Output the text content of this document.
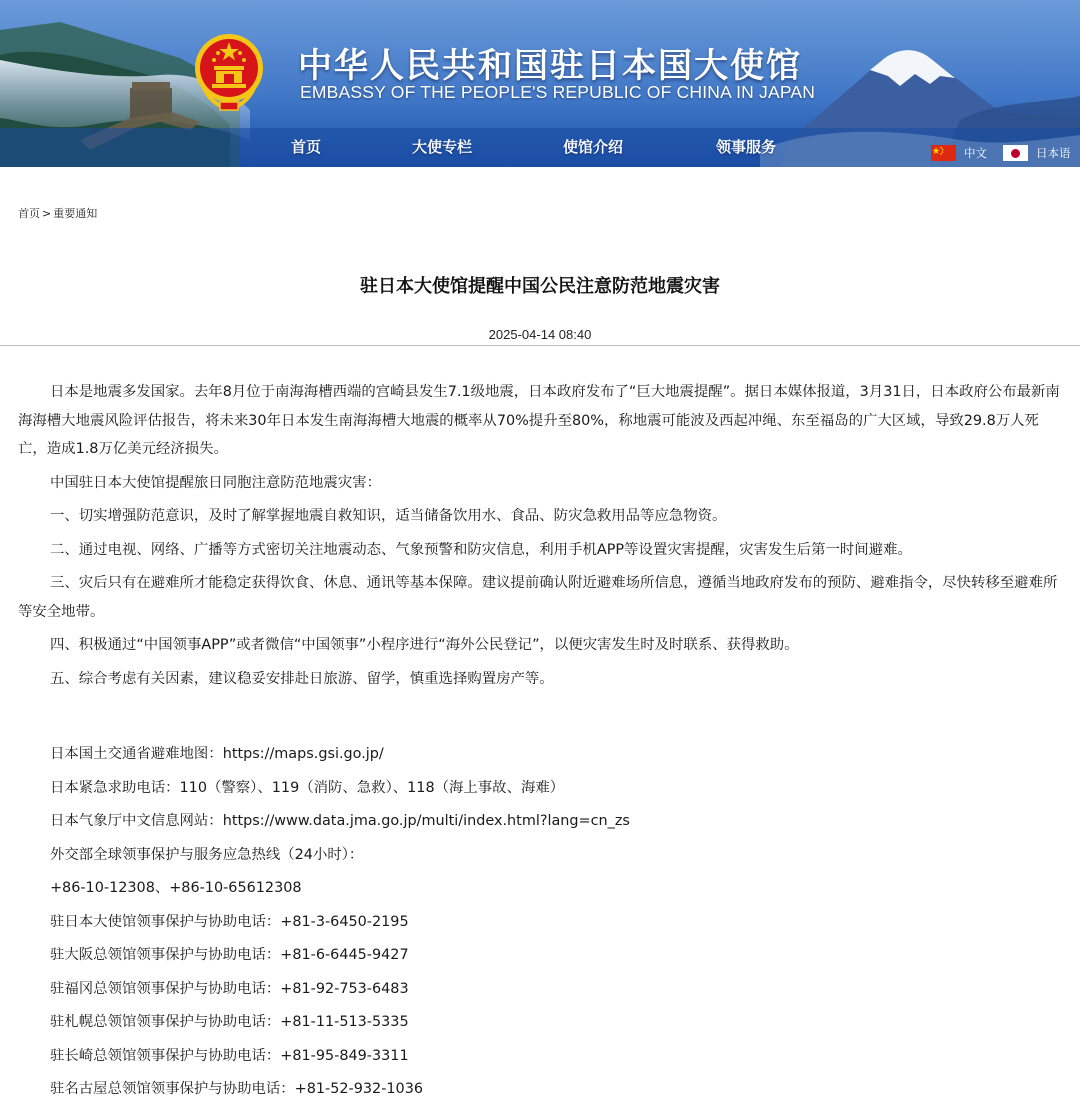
中华人民共和国驻日本国大使馆
EMBASSY OF THE PEOPLE'S REPUBLIC OF CHINA IN JAPAN
首页	大使专栏	使馆介绍	领事服务	中文	日本语
首页 > 重要通知
驻日本大使馆提醒中国公民注意防范地震灾害
2025-04-14 08:40

日本是地震多发国家。去年8月位于南海海槽西端的宫崎县发生7.1级地震，日本政府发布了“巨大地震提醒”。据日本媒体报道，3月31日，日本政府公布最新南海海槽大地震风险评估报告，将未来30年日本发生南海海槽大地震的概率从70%提升至80%，称地震可能波及西起冲绳、东至福岛的广大区域，导致29.8万人死亡，造成1.8万亿美元经济损失。

中国驻日本大使馆提醒旅日同胞注意防范地震灾害：

一、切实增强防范意识，及时了解掌握地震自救知识，适当储备饮用水、食品、防灾急救用品等应急物资。

二、通过电视、网络、广播等方式密切关注地震动态、气象预警和防灾信息，利用手机APP等设置灾害提醒，灾害发生后第一时间避难。

三、灾后只有在避难所才能稳定获得饮食、休息、通讯等基本保障。建议提前确认附近避难场所信息，遵循当地政府发布的预防、避难指令，尽快转移至避难所等安全地带。

四、积极通过“中国领事APP”或者微信“中国领事”小程序进行“海外公民登记”，以便灾害发生时及时联系、获得救助。

五、综合考虑有关因素，建议稳妥安排赴日旅游、留学，慎重选择购置房产等。

日本国土交通省避难地图：https://maps.gsi.go.jp/
日本紧急求助电话：110（警察）、119（消防、急救）、118（海上事故、海难）
日本气象厅中文信息网站：https://www.data.jma.go.jp/multi/index.html?lang=cn_zs
外交部全球领事保护与服务应急热线（24小时）：
+86-10-12308、+86-10-65612308
驻日本大使馆领事保护与协助电话：+81-3-6450-2195
驻大阪总领馆领事保护与协助电话：+81-6-6445-9427
驻福冈总领馆领事保护与协助电话：+81-92-753-6483
驻札幌总领馆领事保护与协助电话：+81-11-513-5335
驻长崎总领馆领事保护与协助电话：+81-95-849-3311
驻名古屋总领馆领事保护与协助电话：+81-52-932-1036
